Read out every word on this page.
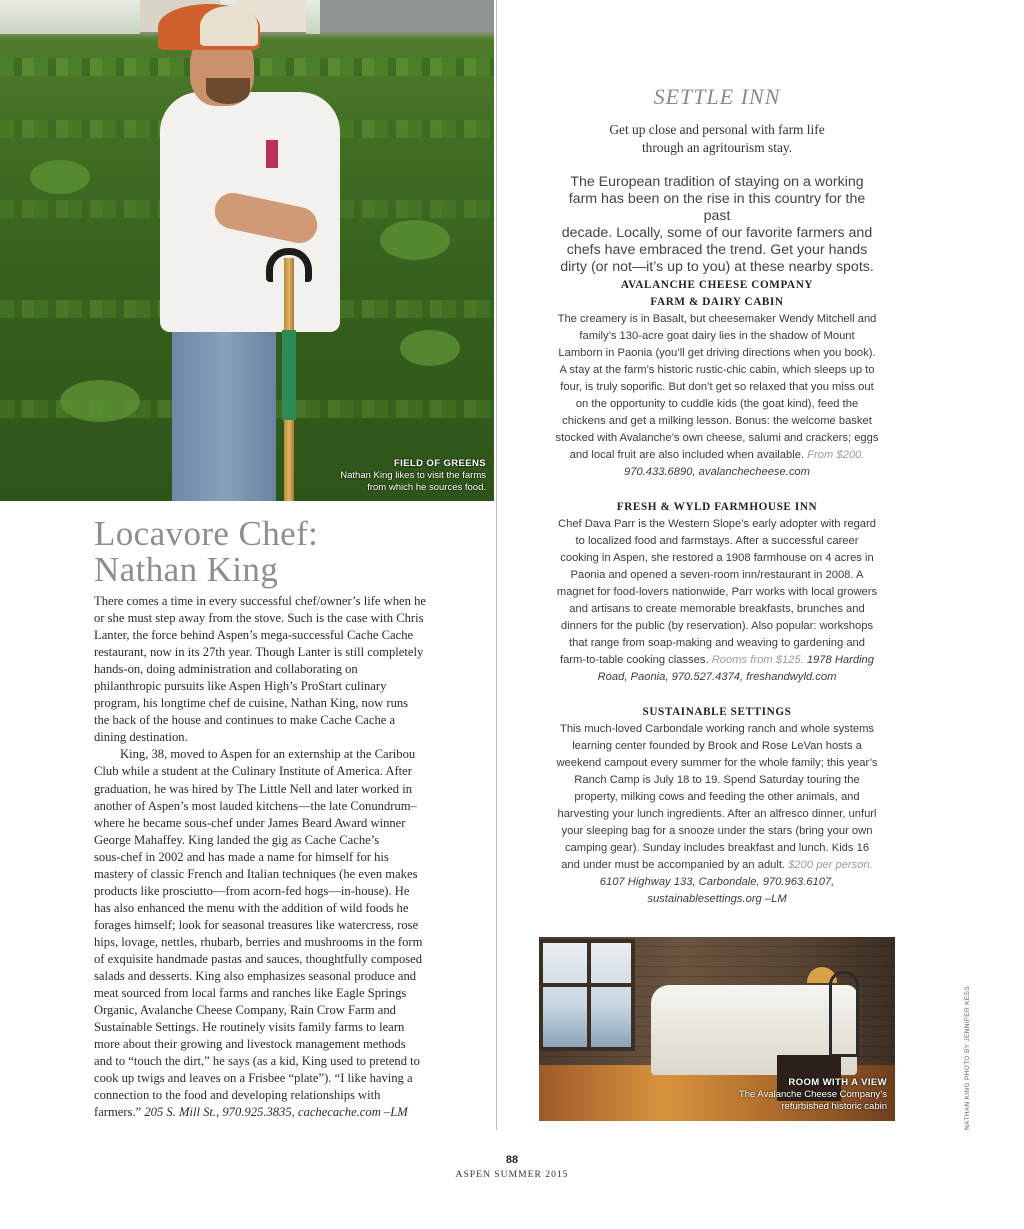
FIELD OF GREENS
Nathan King likes to visit the farms
from which he sources food.
Locavore Chef:
Nathan King

There comes a time in every successful chef/owner’s life when he
or she must step away from the stove. Such is the case with Chris
Lanter, the force behind Aspen’s mega-successful Cache Cache
restaurant, now in its 27th year. Though Lanter is still completely
hands-on, doing administration and collaborating on
philanthropic pursuits like Aspen High’s ProStart culinary
program, his longtime chef de cuisine, Nathan King, now runs
the back of the house and continues to make Cache Cache a
dining destination.

King, 38, moved to Aspen for an externship at the Caribou
Club while a student at the Culinary Institute of America. After
graduation, he was hired by The Little Nell and later worked in
another of Aspen’s most lauded kitchens—the late Conundrum–
where he became sous-chef under James Beard Award winner
George Mahaffey. King landed the gig as Cache Cache’s
sous-chef in 2002 and has made a name for himself for his
mastery of classic French and Italian techniques (he even makes
products like prosciutto—from acorn-fed hogs—in-house). He
has also enhanced the menu with the addition of wild foods he
forages himself; look for seasonal treasures like watercress, rose
hips, lovage, nettles, rhubarb, berries and mushrooms in the form
of exquisite handmade pastas and sauces, thoughtfully composed
salads and desserts. King also emphasizes seasonal produce and
meat sourced from local farms and ranches like Eagle Springs
Organic, Avalanche Cheese Company, Rain Crow Farm and
Sustainable Settings. He routinely visits family farms to learn
more about their growing and livestock management methods
and to “touch the dirt,” he says (as a kid, King used to pretend to
cook up twigs and leaves on a Frisbee “plate”). “I like having a
connection to the food and developing relationships with
farmers.” 205 S. Mill St., 970.925.3835, cachecache.com –LM

SETTLE INN
Get up close and personal with farm life
through an agritourism stay.
The European tradition of staying on a working
farm has been on the rise in this country for the past
decade. Locally, some of our favorite farmers and
chefs have embraced the trend. Get your hands
dirty (or not—it’s up to you) at these nearby spots.
AVALANCHE CHEESE COMPANY
FARM & DAIRY CABIN
The creamery is in Basalt, but cheesemaker Wendy Mitchell and
family’s 130-acre goat dairy lies in the shadow of Mount
Lamborn in Paonia (you’ll get driving directions when you book).
A stay at the farm’s historic rustic-chic cabin, which sleeps up to
four, is truly soporific. But don’t get so relaxed that you miss out
on the opportunity to cuddle kids (the goat kind), feed the
chickens and get a milking lesson. Bonus: the welcome basket
stocked with Avalanche’s own cheese, salumi and crackers; eggs
and local fruit are also included when available. From $200.
970.433.6890, avalanchecheese.com
FRESH & WYLD FARMHOUSE INN
Chef Dava Parr is the Western Slope’s early adopter with regard
to localized food and farmstays. After a successful career
cooking in Aspen, she restored a 1908 farmhouse on 4 acres in
Paonia and opened a seven-room inn/restaurant in 2008. A
magnet for food-lovers nationwide, Parr works with local growers
and artisans to create memorable breakfasts, brunches and
dinners for the public (by reservation). Also popular: workshops
that range from soap-making and weaving to gardening and
farm-to-table cooking classes. Rooms from $125. 1978 Harding
Road, Paonia, 970.527.4374, freshandwyld.com
SUSTAINABLE SETTINGS
This much-loved Carbondale working ranch and whole systems
learning center founded by Brook and Rose LeVan hosts a
weekend campout every summer for the whole family; this year’s
Ranch Camp is July 18 to 19. Spend Saturday touring the
property, milking cows and feeding the other animals, and
harvesting your lunch ingredients. After an alfresco dinner, unfurl
your sleeping bag for a snooze under the stars (bring your own
camping gear). Sunday includes breakfast and lunch. Kids 16
and under must be accompanied by an adult. $200 per person.
6107 Highway 133, Carbondale, 970.963.6107,
sustainablesettings.org –LM
ROOM WITH A VIEW
The Avalanche Cheese Company’s
refurbished historic cabin	NATHAN KING PHOTO BY JENNIFER KESS
88
ASPEN SUMMER 2015
